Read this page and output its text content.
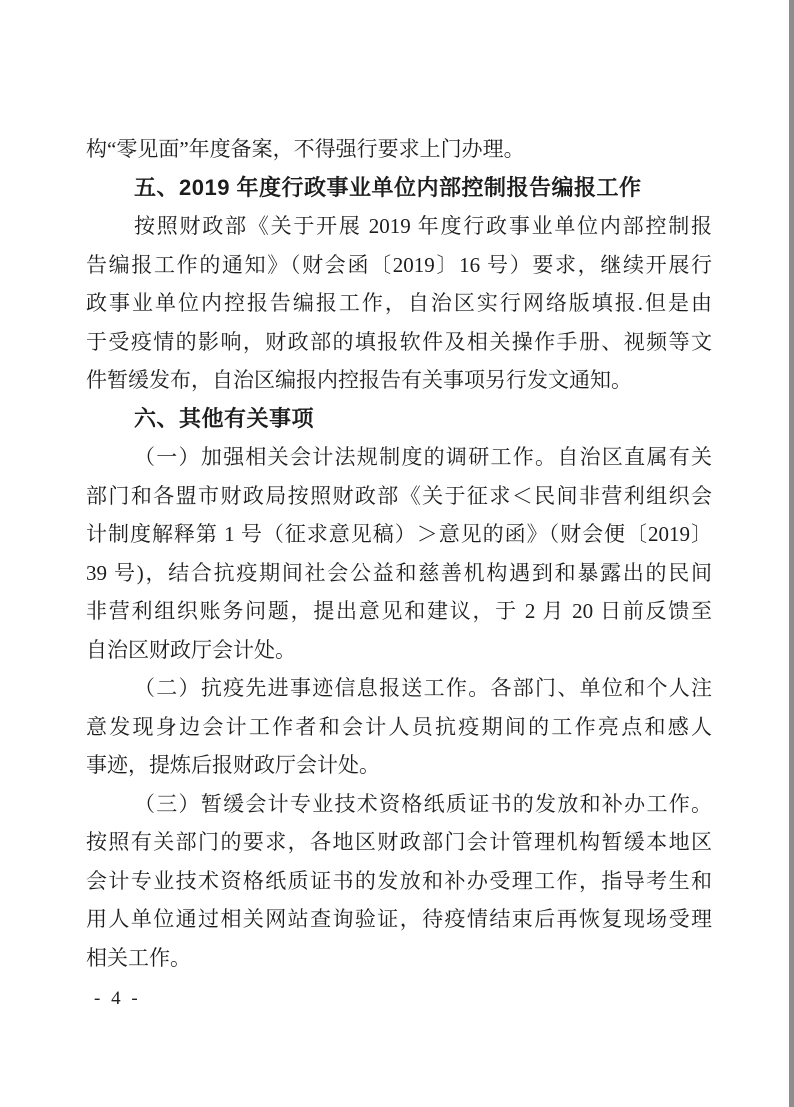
构“零见面”年度备案，不得强行要求上门办理。
五、2019 年度行政事业单位内部控制报告编报工作
按照财政部《关于开展 2019 年度行政事业单位内部控制报
告编报工作的通知》（财会函〔2019〕16 号）要求，继续开展行
政事业单位内控报告编报工作，自治区实行网络版填报.但是由
于受疫情的影响，财政部的填报软件及相关操作手册、视频等文
件暂缓发布，自治区编报内控报告有关事项另行发文通知。
六、其他有关事项
（一）加强相关会计法规制度的调研工作。自治区直属有关
部门和各盟市财政局按照财政部《关于征求＜民间非营利组织会
计制度解释第 1 号（征求意见稿）＞意见的函》（财会便〔2019〕
39 号)，结合抗疫期间社会公益和慈善机构遇到和暴露出的民间
非营利组织账务问题，提出意见和建议，于 2 月 20 日前反馈至
自治区财政厅会计处。
（二）抗疫先进事迹信息报送工作。各部门、单位和个人注
意发现身边会计工作者和会计人员抗疫期间的工作亮点和感人
事迹，提炼后报财政厅会计处。
（三）暂缓会计专业技术资格纸质证书的发放和补办工作。
按照有关部门的要求，各地区财政部门会计管理机构暂缓本地区
会计专业技术资格纸质证书的发放和补办受理工作，指导考生和
用人单位通过相关网站查询验证，待疫情结束后再恢复现场受理
相关工作。
- 4 -
